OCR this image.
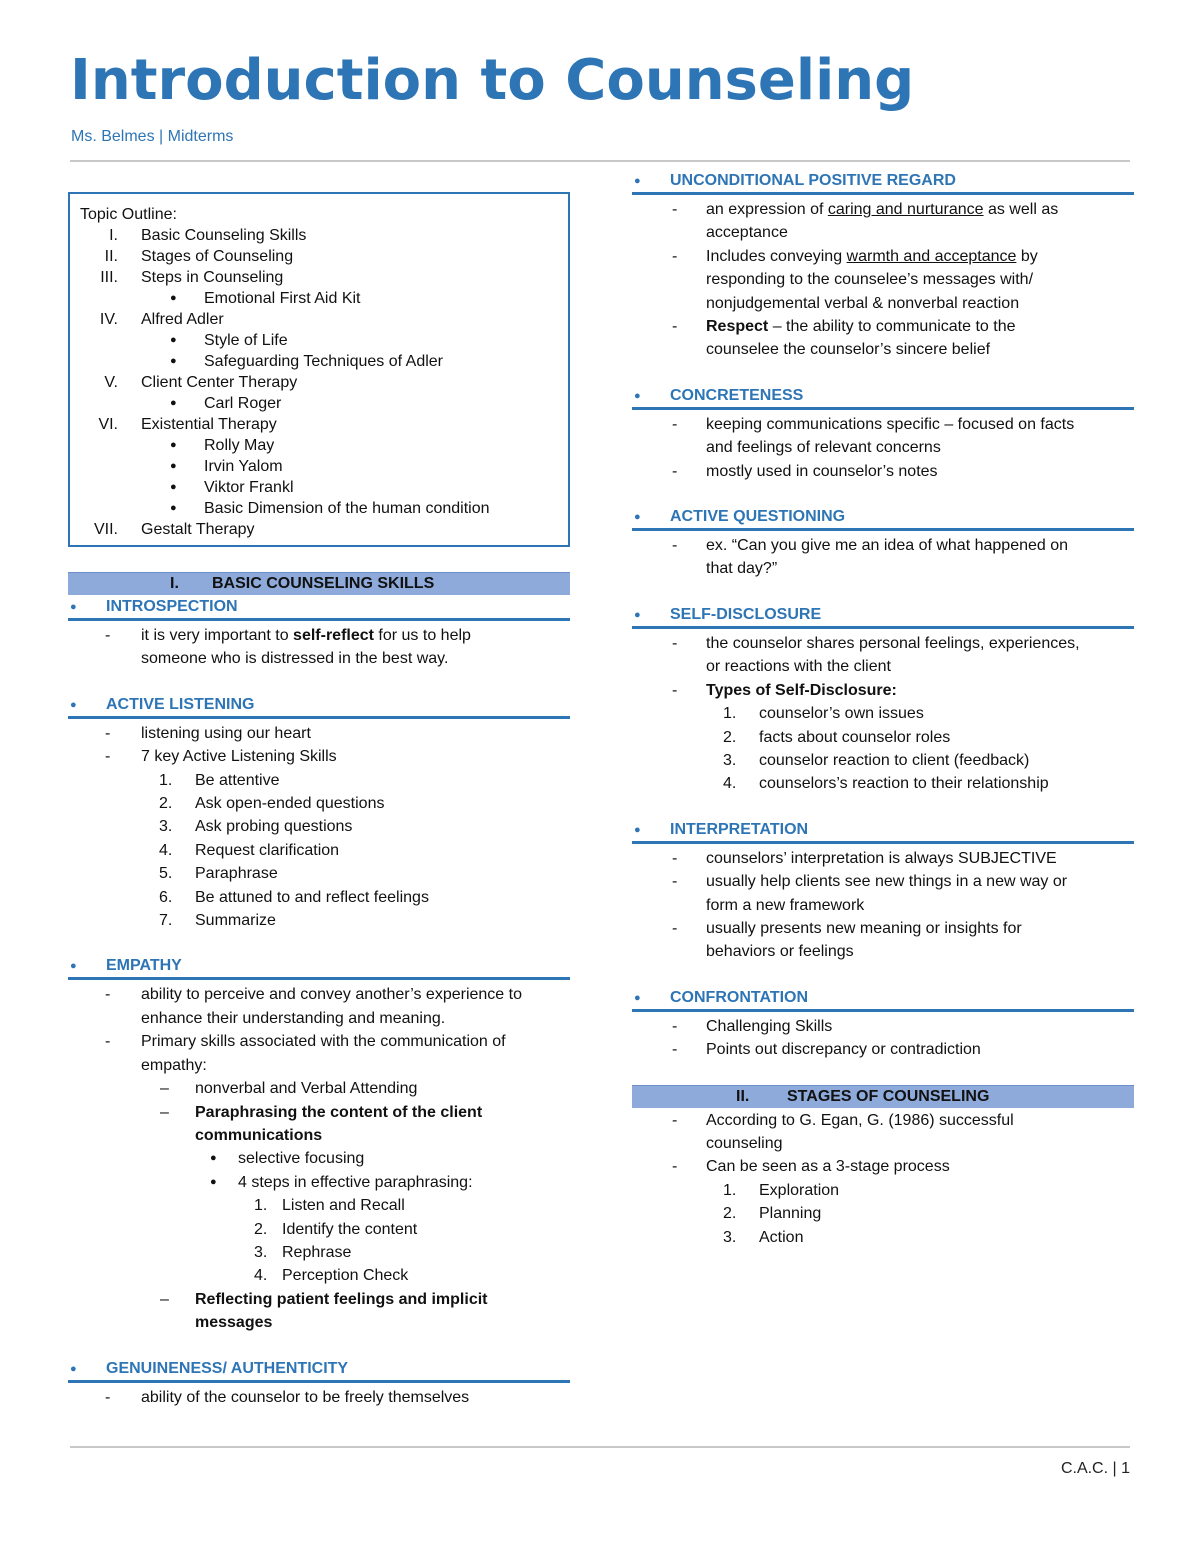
Introduction to Counseling
Ms. Belmes | Midterms
Topic Outline:
I. Basic Counseling Skills
II. Stages of Counseling
III. Steps in Counseling
● Emotional First Aid Kit
IV. Alfred Adler
● Style of Life
● Safeguarding Techniques of Adler
V. Client Center Therapy
● Carl Roger
VI. Existential Therapy
● Rolly May
● Irvin Yalom
● Viktor Frankl
● Basic Dimension of the human condition
VII. Gestalt Therapy
I. BASIC COUNSELING SKILLS
● INTROSPECTION
- it is very important to self-reflect for us to help
someone who is distressed in the best way.
● ACTIVE LISTENING
- listening using our heart
- 7 key Active Listening Skills
1. Be attentive
2. Ask open-ended questions
3. Ask probing questions
4. Request clarification
5. Paraphrase
6. Be attuned to and reflect feelings
7. Summarize
● EMPATHY
- ability to perceive and convey another’s experience to
enhance their understanding and meaning.
- Primary skills associated with the communication of
empathy:
– nonverbal and Verbal Attending
– Paraphrasing the content of the client
communications
● selective focusing
● 4 steps in effective paraphrasing:
1. Listen and Recall
2. Identify the content
3. Rephrase
4. Perception Check
– Reflecting patient feelings and implicit
messages
● GENUINENESS/ AUTHENTICITY
- ability of the counselor to be freely themselves
● UNCONDITIONAL POSITIVE REGARD
- an expression of caring and nurturance as well as
acceptance
- Includes conveying warmth and acceptance by
responding to the counselee’s messages with/
nonjudgemental verbal & nonverbal reaction
- Respect – the ability to communicate to the
counselee the counselor’s sincere belief
● CONCRETENESS
- keeping communications specific – focused on facts
and feelings of relevant concerns
- mostly used in counselor’s notes
● ACTIVE QUESTIONING
- ex. “Can you give me an idea of what happened on
that day?”
● SELF-DISCLOSURE
- the counselor shares personal feelings, experiences,
or reactions with the client
- Types of Self-Disclosure:
1. counselor’s own issues
2. facts about counselor roles
3. counselor reaction to client (feedback)
4. counselors’s reaction to their relationship
● INTERPRETATION
- counselors’ interpretation is always SUBJECTIVE
- usually help clients see new things in a new way or
form a new framework
- usually presents new meaning or insights for
behaviors or feelings
● CONFRONTATION
- Challenging Skills
- Points out discrepancy or contradiction
II. STAGES OF COUNSELING
- According to G. Egan, G. (1986) successful
counseling
- Can be seen as a 3-stage process
1. Exploration
2. Planning
3. Action
C.A.C. | 1
